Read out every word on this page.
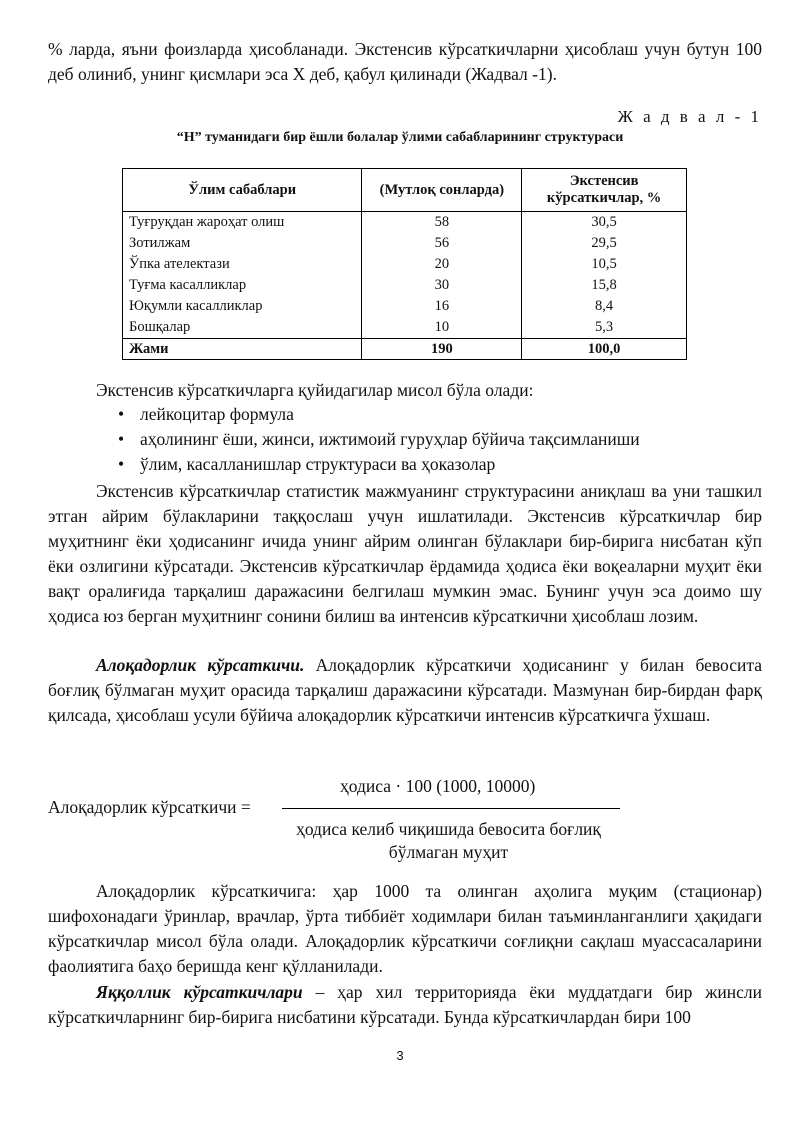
% ларда, яъни фоизларда ҳисобланади. Экстенсив кўрсаткичларни ҳисоблаш учун бутун 100 деб олиниб, унинг қисмлари эса Х деб, қабул қилинади (Жадвал -1).

Ж а д в а л - 1
“Н” туманидаги бир ёшли болалар ўлими сабабларининг структураси
Ўлим сабаблари	(Мутлоқ сонларда)	Экстенсив кўрсаткичлар, %
Туғруқдан жароҳат олиш	58	30,5
Зотилжам	56	29,5
Ўпка ателектази	20	10,5
Туғма касалликлар	30	15,8
Юқумли касалликлар	16	8,4
Бошқалар	10	5,3
Жами	190	100,0

Экстенсив кўрсаткичларга қуйидагилар мисол бўла олади:

• лейкоцитар формула
• аҳолининг ёши, жинси, ижтимоий гуруҳлар бўйича тақсимланиши
• ўлим, касалланишлар структураси ва ҳоказолар

Экстенсив кўрсаткичлар статистик мажмуанинг структурасини аниқлаш ва уни ташкил этган айрим бўлакларини таққослаш учун ишлатилади. Экстенсив кўрсаткичлар бир муҳитнинг ёки ҳодисанинг ичида унинг айрим олинган бўлаклари бир-бирига нисбатан кўп ёки озлигини кўрсатади. Экстенсив кўрсаткичлар ёрдамида ҳодиса ёки воқеаларни муҳит ёки вақт оралиғида тарқалиш даражасини белгилаш мумкин эмас. Бунинг учун эса доимо шу ҳодиса юз берган муҳитнинг сонини билиш ва интенсив кўрсаткични ҳисоблаш лозим.

Алоқадорлик кўрсаткичи. Алоқадорлик кўрсаткичи ҳодисанинг у билан бевосита боғлиқ бўлмаган муҳит орасида тарқалиш даражасини кўрсатади. Мазмунан бир-бирдан фарқ қилсада, ҳисоблаш усули бўйича алоқадорлик кўрсаткичи интенсив кўрсаткичга ўхшаш.

ҳодиса · 100 (1000, 10000)
Алоқадорлик кўрсаткичи =
ҳодиса келиб чиқишида бевосита боғлиқ
бўлмаган муҳит

Алоқадорлик кўрсаткичига: ҳар 1000 та олинган аҳолига муқим (стационар) шифохонадаги ўринлар, врачлар, ўрта тиббиёт ходимлари билан таъминланганлиги ҳақидаги кўрсаткичлар мисол бўла олади. Алоқадорлик кўрсаткичи соғлиқни сақлаш муассасаларини фаолиятига баҳо беришда кенг қўлланилади.

Яққоллик кўрсаткичлари – ҳар хил территорияда ёки муддатдаги бир жинсли кўрсаткичларнинг бир-бирига нисбатини кўрсатади. Бунда кўрсаткичлардан бири 100

3
